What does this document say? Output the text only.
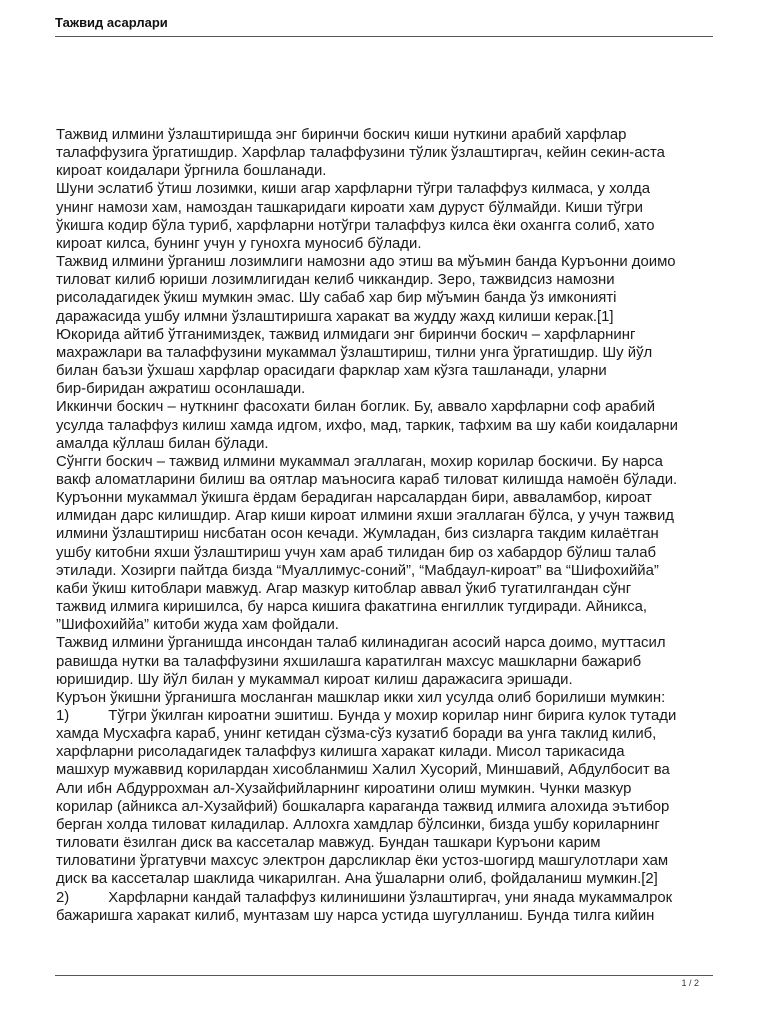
Тажвид асарлари

Тажвид илмини ўзлаштиришда энг биринчи боскич киши нуткини арабий харфлар

талаффузига ўргатишдир. Харфлар талаффузини тўлик ўзлаштиргач, кейин секин-аста

кироат коидалари ўргнила бошланади.

Шуни эслатиб ўтиш лозимки, киши агар харфларни тўгри талаффуз килмаса, у холда

унинг намози хам, намоздан ташкаридаги кироати хам дуруст бўлмайди. Киши тўгри

ўкишга кодир бўла туриб, харфларни нотўгри талаффуз килса ёки охангга солиб, хато

кироат килса, бунинг учун у гунохга муносиб бўлади.

Тажвид илмини ўрганиш лозимлиги намозни адо этиш ва мўъмин банда Куръонни доимо

тиловат килиб юриши лозимлигидан келиб чиккандир. Зеро, тажвидсиз намозни

рисоладагидек ўкиш мумкин эмас. Шу сабаб хар бир мўъмин банда ўз имкониятi

даражасида ушбу илмни ўзлаштиришга харакат ва жудду жахд килиши керак.[1]

Юкорида айтиб ўтганимиздек, тажвид илмидаги энг биринчи боскич – харфларнинг

махражлари ва талаффузини мукаммал ўзлаштириш, тилни унга ўргатишдир. Шу йўл

билан баъзи ўхшаш харфлар орасидаги фарклар хам кўзга ташланади, уларни

бир-биридан ажратиш осонлашади.

Иккинчи боскич – нуткнинг фасохати билан боглик. Бу, аввало харфларни соф арабий

усулда талаффуз килиш хамда идгом, ихфо, мад, таркик, тафхим ва шу каби коидаларни

амалда кўллаш билан бўлади.

Сўнгги боскич – тажвид илмини мукаммал эгаллаган, мохир корилар боскичи. Бу нарса

вакф аломатларини билиш ва оятлар маъносига караб тиловат килишда намоён бўлади.

Куръонни мукаммал ўкишга ёрдам берадиган нарсалардан бири, авваламбор, кироат

илмидан дарс килишдир. Агар киши кироат илмини яхши эгаллаган бўлса, у учун тажвид

илмини ўзлаштириш нисбатан осон кечади. Жумладан, биз сизларга такдим килаётган

ушбу китобни яхши ўзлаштириш учун хам араб тилидан бир оз хабардор бўлиш талаб

этилади. Хозирги пайтда бизда “Муаллимус-соний”, “Мабдаул-кироат” ва “Шифохиййа”

каби ўкиш китоблари мавжуд. Агар мазкур китоблар аввал ўкиб тугатилгандан сўнг

тажвид илмига киришилса, бу нарса кишига факатгина енгиллик тугдиради. Айникса,

”Шифохиййа” китоби жуда хам фойдали.

Тажвид илмини ўрганишда инсондан талаб килинадиган асосий нарса доимо, муттасил

равишда нутки ва талаффузини яхшилашга каратилган махсус машкларни бажариб

юришидир. Шу йўл билан у мукаммал кироат килиш даражасига эришади.

Куръон ўкишни ўрганишга мосланган машклар икки хил усулда олиб борилиши мумкин:

1)	Тўгри ўкилган кироатни эшитиш. Бунда у мохир корилар нинг бирига кулок тутади

хамда Мусхафга караб, унинг кетидан сўзма-сўз кузатиб боради ва унга таклид килиб,

харфларни рисоладагидек талаффуз килишга харакат килади. Мисол тарикасида

машхур мужаввид корилардан хисобланмиш Халил Хусорий, Миншавий, Абдулбосит ва

Али ибн Абдуррохман ал-Хузайфийларнинг кироатини олиш мумкин. Чунки мазкур

корилар (айникса ал-Хузайфий) бошкаларга караганда тажвид илмига алохида эътибор

берган холда тиловат киладилар. Аллохга хамдлар бўлсинки, бизда ушбу кориларнинг

тиловати ёзилган диск ва кассеталар мавжуд. Бундан ташкари Куръони карим

тиловатини ўргатувчи махсус электрон дарсликлар ёки устоз-шогирд машгулотлари хам

диск ва кассеталар шаклида чикарилган. Ана ўшаларни олиб, фойдаланиш мумкин.[2]

2)	Харфларни кандай талаффуз килинишини ўзлаштиргач, уни янада мукаммалрок

бажаришга харакат килиб, мунтазам шу нарса устида шугулланиш. Бунда тилга кийин

1 / 2
